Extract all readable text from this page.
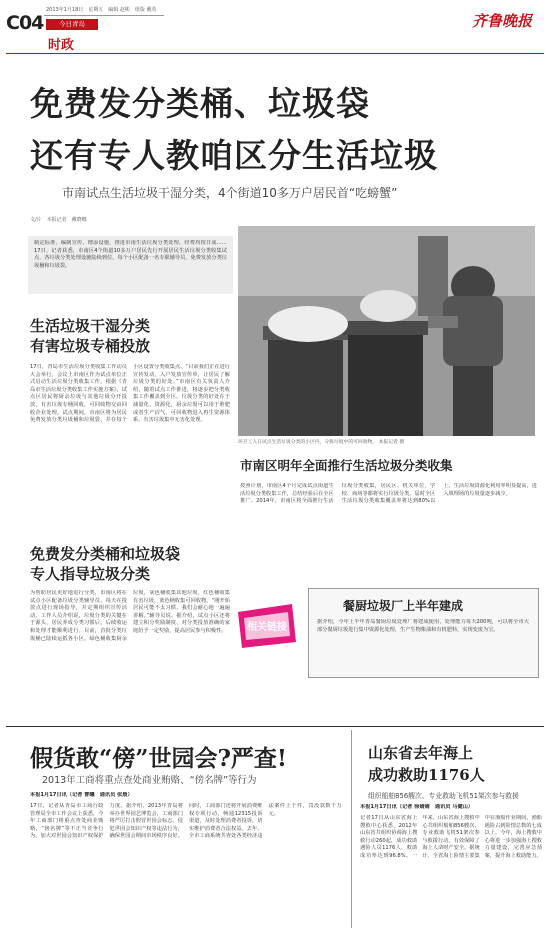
C04
2013年1月18日　星期五　编辑 赵彬　组版 戴英
今日青岛
时政
齐鲁晚报
免费发分类桶、垃圾袋
还有专人教咱区分生活垃圾
市南试点生活垃圾干湿分类，4个街道10多万户居民首“吃螃蟹”
文/片　本报记者　戴晓娜
制定标准、编制宣传、增添设施，推进市南生活垃圾分类处理，经费均按日成……17日，记者获悉，市南区4个街道10多万户居民先行开展居民生活垃圾分类收集试点，各垃圾分类处理设施陆续到位，每个小区配备一名专职辅导员，免费发放分类垃圾桶和垃圾袋。
环卫工人在试点生活垃圾分类的小区内，分拣垃圾中的可回收物。 本报记者 摄
生活垃圾干湿分类
有害垃圾专桶投放
17日，青岛市生活垃圾分类收集工作动员大会举行，会议上市南区作为试点单位正式启动生活垃圾分类收集工作。根据《青岛市生活垃圾分类收集工作实施方案》，试点区居民将厨余垃圾与其他垃圾分开投放，有害垃圾专桶回收，可回收物交由回收企业处理。试点期间，市南区将为居民免费发放分类垃圾桶和垃圾袋，并在每个小区设置分类收集点。“目前我们正在进行宣传发动，入户发放宣传单，让居民了解垃圾分类的好处。”市南区有关负责人介绍，随着试点工作推进，将逐步把分类收集工作覆盖到全区。垃圾分类的好处在于减量化、资源化，厨余垃圾可以用于堆肥或者生产沼气，可回收物进入再生资源体系，有害垃圾集中无害化处理。
免费发分类桶和垃圾袋
专人指导垃圾分类
为帮助居民更好地进行分类，市南区将在试点小区配备垃圾分类辅导员，每天在投放点进行现场指导，并定期组织宣传活动。工作人员介绍说，垃圾分类的关键在于源头，居民养成分类习惯后，后续收运和处理才能顺利进行。目前，首批分类垃圾桶已陆续运抵各小区，绿色桶收集厨余垃圾，灰色桶收集其他垃圾，红色桶收集有害垃圾，蓝色桶收集可回收物。“刚开始居民可能不太习惯，我们会耐心地一遍遍讲解。”辅导员说。据介绍，试点小区还将建立积分奖励制度，对分类投放准确的家庭给予一定奖励，提高居民参与积极性。
市南区明年全面推行生活垃圾分类收集
按照计划，市南区4个月完成试点街道生活垃圾分类收集工作，总结经验后在全区推广。2014年，市南区将全面推行生活垃圾分类收集，居民区、机关单位、学校、商场等都将实行垃圾分类。届时全区生活垃圾分类收集覆盖率将达到80%以上，生活垃圾资源化利用率明显提高，进入填埋场的垃圾量逐步减少。
相关链接
餐厨垃圾厂上半年建成
据介绍，今年上半年青岛餐厨垃圾处理厂将建成使用，处理能力每天200吨，可以将全市大部分餐厨垃圾进行集中资源化处理，生产生物柴油和有机肥料，实现变废为宝。
假货敢“傍”世园会?严查!
2013年工商将重点查处商业贿赂、“傍名牌”等行为
本报1月17日讯（记者 曹曦　通讯员 张晨）
17日，记者从青岛市工商行政管理局全市工作会议上获悉，今年工商部门将重点查处商业贿赂、“傍名牌”等不正当竞争行为，加大对世园会知识产权保护力度。据介绍，2013年青岛将举办世界园艺博览会，工商部门将严厉打击假冒世园会标志、侵犯世园会知识产权等违法行为，确保世园会期间市场秩序良好。同时，工商部门还将开展消费维权专项行动，畅通12315投诉渠道，及时处理消费者投诉，切实维护消费者合法权益。去年，全市工商系统共查处各类经济违法案件上千件，罚没款数千万元。
山东省去年海上
成功救助1176人
组织船舶856艘次、专业救助飞机51架次参与救援
本报1月17日讯（记者 徐婧婧　通讯员 马健山）
记者17日从山东省海上搜救中心获悉，2012年山东省共组织协调海上搜救行动260起，成功救助遇险人员1176人，救助成功率达到96.8%。一年来，山东省海上搜救中心共组织船舶856艘次、专业救助飞机51架次参与救援行动，有效保障了海上人命财产安全。据统计，全省海上险情主要集中在渔船作业期间，渔船遇险占到险情总数的七成以上。今年，海上搜救中心将进一步加强海上搜救力量建设，完善应急预案，提升海上救助能力。
